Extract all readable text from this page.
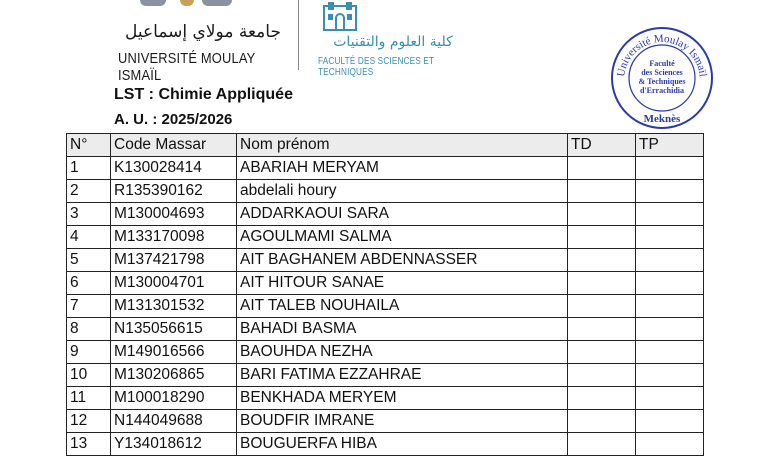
جامعة مولاي إسماعيل
UNIVERSITÉ MOULAY ISMAÏL
كلية العلوم والتقنيات
FACULTÉ DES SCIENCES ET TECHNIQUES	Université Moulay Ismaïl
Faculté
des Sciences
& Techniques
d'Errachidia
Meknès
LST : Chimie Appliquée
A. U. : 2025/2026
N°	Code Massar	Nom prénom	TD	TP
1	K130028414	ABARIAH MERYAM		
2	R135390162	abdelali houry		
3	M130004693	ADDARKAOUI SARA		
4	M133170098	AGOULMAMI SALMA		
5	M137421798	AIT BAGHANEM ABDENNASSER		
6	M130004701	AIT HITOUR SANAE		
7	M131301532	AIT TALEB NOUHAILA		
8	N135056615	BAHADI BASMA		
9	M149016566	BAOUHDA NEZHA		
10	M130206865	BARI FATIMA EZZAHRAE		
11	M100018290	BENKHADA MERYEM		
12	N144049688	BOUDFIR IMRANE		
13	Y134018612	BOUGUERFA HIBA		
